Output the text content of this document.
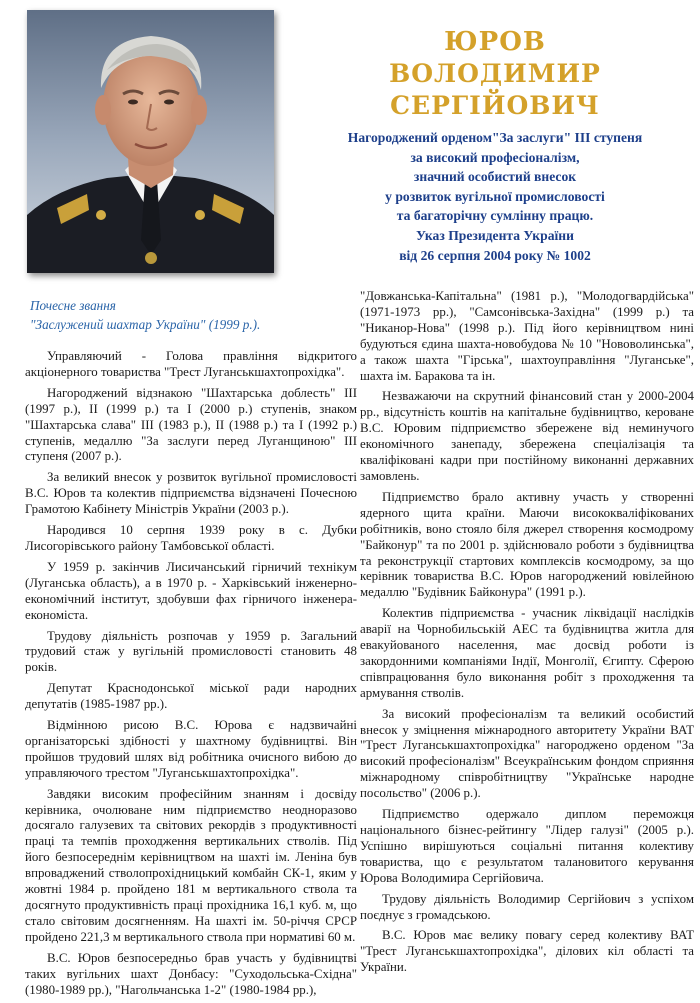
ЮРОВ
ВОЛОДИМИР СЕРГІЙОВИЧ
Нагороджений орденом"За заслуги" ІІІ ступеня
за високий професіоналізм,
значний особистий внесок
у розвиток вугільної промисловості
та багаторічну сумлінну працю.
Указ Президента України
від 26 серпня 2004 року № 1002
Почесне звання
"Заслужений шахтар України" (1999 р.).

Управляючий - Голова правління відкритого акціонерного товариства "Трест Луганськшахтопрохідка".

Нагороджений відзнакою "Шахтарська доблесть" ІІІ (1997 р.), ІІ (1999 р.) та І (2000 р.) ступенів, знаком "Шахтарська слава" ІІІ (1983 р.), ІІ (1988 р.) та І (1992 р.) ступенів, медаллю "За заслуги перед Луганщиною" ІІІ ступеня (2007 р.).

За великий внесок у розвиток вугільної промисловості В.С. Юров та колектив підприємства відзначені Почесною Грамотою Кабінету Міністрів України (2003 р.).

Народився 10 серпня 1939 року в с. Дубки Лисогорівського району Тамбовської області.

У 1959 р. закінчив Лисичанський гірничий технікум (Луганська область), а в 1970 р. - Харківський інженерно-економічний інститут, здобувши фах гірничого інженера-економіста.

Трудову діяльність розпочав у 1959 р. Загальний трудовий стаж у вугільній промисловості становить 48 років.

Депутат Краснодонської міської ради народних депутатів (1985-1987 рр.).

Відмінною рисою В.С. Юрова є надзвичайні організаторські здібності у шахтному будівництві. Він пройшов трудовий шлях від робітника очисного вибою до управляючого трестом "Луганськшахтопрохідка".

Завдяки високим професійним знанням і досвіду керівника, очолюване ним підприємство неодноразово досягало галузевих та світових рекордів з продуктивності праці та темпів проходження вертикальних стволів. Під його безпосереднім керівництвом на шахті ім. Леніна був впроваджений стволопрохідницький комбайн СК-1, яким у жовтні 1984 р. пройдено 181 м вертикального ствола та досягнуто продуктивність праці прохідника 16,1 куб. м, що стало світовим досягненням. На шахті ім. 50-річчя СРСР пройдено 221,3 м вертикального ствола при нормативі 60 м.

В.С. Юров безпосередньо брав участь у будівництві таких вугільних шахт Донбасу: "Суходольська-Східна" (1980-1989 рр.), "Нагольчанська 1-2" (1980-1984 рр.),

"Довжанська-Капітальна" (1981 р.), "Молодогвардійська" (1971-1973 рр.), "Самсонівська-Західна" (1999 р.) та "Никанор-Нова" (1998 р.). Під його керівництвом нині будуються єдина шахта-новобудова № 10 "Нововолинська", а також шахта "Гірська", шахтоуправління "Луганське", шахта ім. Баракова та ін.

Незважаючи на скрутний фінансовий стан у 2000-2004 рр., відсутність коштів на капітальне будівництво, кероване В.С. Юровим підприємство збережене від неминучого економічного занепаду, збережена спеціалізація та кваліфіковані кадри при постійному виконанні державних замовлень.

Підприємство брало активну участь у створенні ядерного щита країни. Маючи висококваліфікованих робітників, воно стояло біля джерел створення космодрому "Байконур" та по 2001 р. здійснювало роботи з будівництва та реконструкції стартових комплексів космодрому, за що керівник товариства В.С. Юров нагороджений ювілейною медаллю "Будівник Байконура" (1991 р.).

Колектив підприємства - учасник ліквідації наслідків аварії на Чорнобильській АЕС та будівництва житла для евакуйованого населення, має досвід роботи із закордонними компаніями Індії, Монголії, Єгипту. Сферою співпрацювання було виконання робіт з проходження та армування стволів.

За високий професіоналізм та великий особистий внесок у зміцнення міжнародного авторитету України ВАТ "Трест Луганськшахтопрохідка" нагороджено орденом "За високий професіоналізм" Всеукраїнським фондом сприяння міжнародному співробітництву "Українське народне посольство" (2006 р.).

Підприємство одержало диплом переможця національного бізнес-рейтингу "Лідер галузі" (2005 р.). Успішно вирішуються соціальні питання колективу товариства, що є результатом талановитого керування Юрова Володимира Сергійовича.

Трудову діяльність Володимир Сергійович з успіхом поєднує з громадською.

В.С. Юров має велику повагу серед колективу ВАТ "Трест Луганськшахтопрохідка", ділових кіл області та України.
